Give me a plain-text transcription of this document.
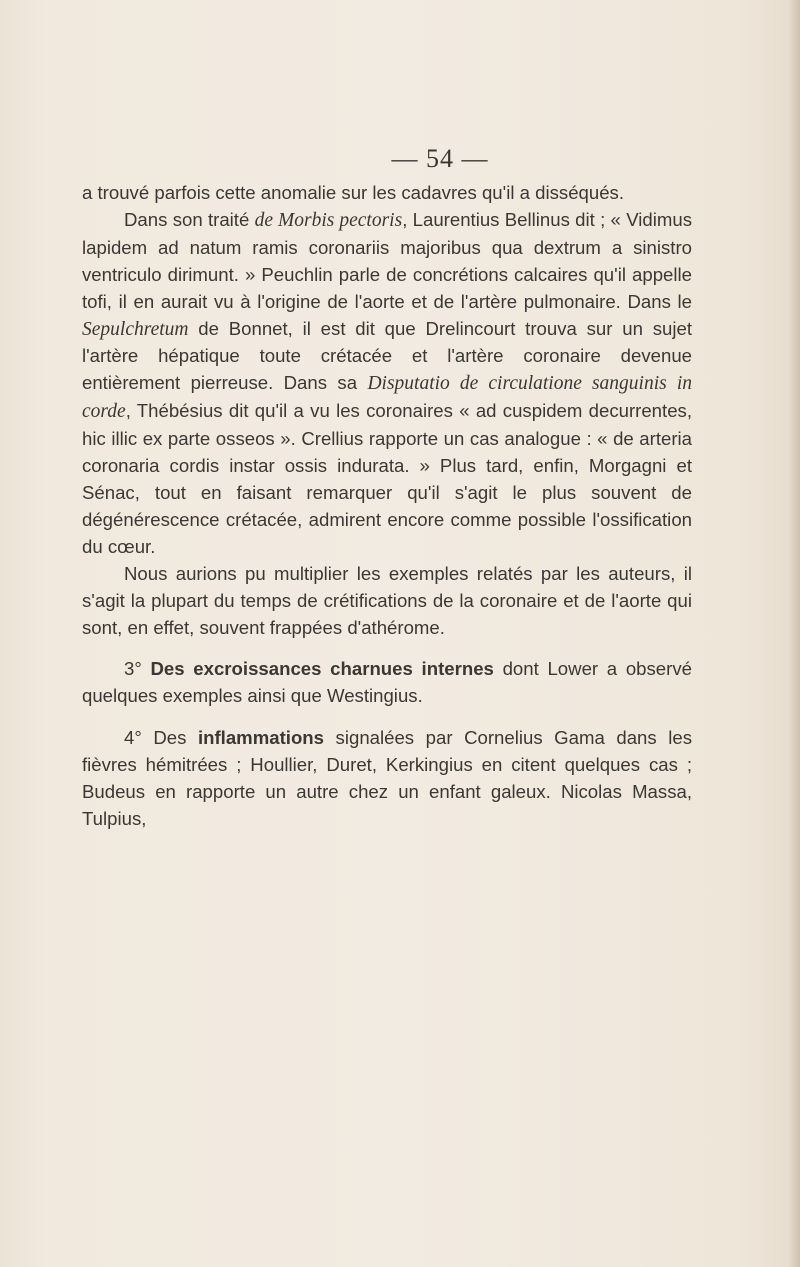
— 54 —

a trouvé parfois cette anomalie sur les cadavres qu'il a disséqués.

Dans son traité de Morbis pectoris, Laurentius Bellinus dit ; « Vidimus lapidem ad natum ramis coronariis majoribus qua dextrum a sinistro ventriculo dirimunt. » Peuchlin parle de concrétions calcaires qu'il appelle tofi, il en aurait vu à l'origine de l'aorte et de l'artère pulmonaire. Dans le Sepulchretum de Bonnet, il est dit que Drelincourt trouva sur un sujet l'artère hépatique toute crétacée et l'artère coronaire devenue entièrement pierreuse. Dans sa Disputatio de circulatione sanguinis in corde, Thébésius dit qu'il a vu les coronaires « ad cuspidem decurrentes, hic illic ex parte osseos ». Crellius rapporte un cas analogue : « de arteria coronaria cordis instar ossis indurata. » Plus tard, enfin, Morgagni et Sénac, tout en faisant remarquer qu'il s'agit le plus souvent de dégénérescence crétacée, admirent encore comme possible l'ossification du cœur.

Nous aurions pu multiplier les exemples relatés par les auteurs, il s'agit la plupart du temps de crétifications de la coronaire et de l'aorte qui sont, en effet, souvent frappées d'athérome.

3° Des excroissances charnues internes dont Lower a observé quelques exemples ainsi que Westingius.

4° Des inflammations signalées par Cornelius Gama dans les fièvres hémitrées ; Houllier, Duret, Kerkingius en citent quelques cas ; Budeus en rapporte un autre chez un enfant galeux. Nicolas Massa, Tulpius,
